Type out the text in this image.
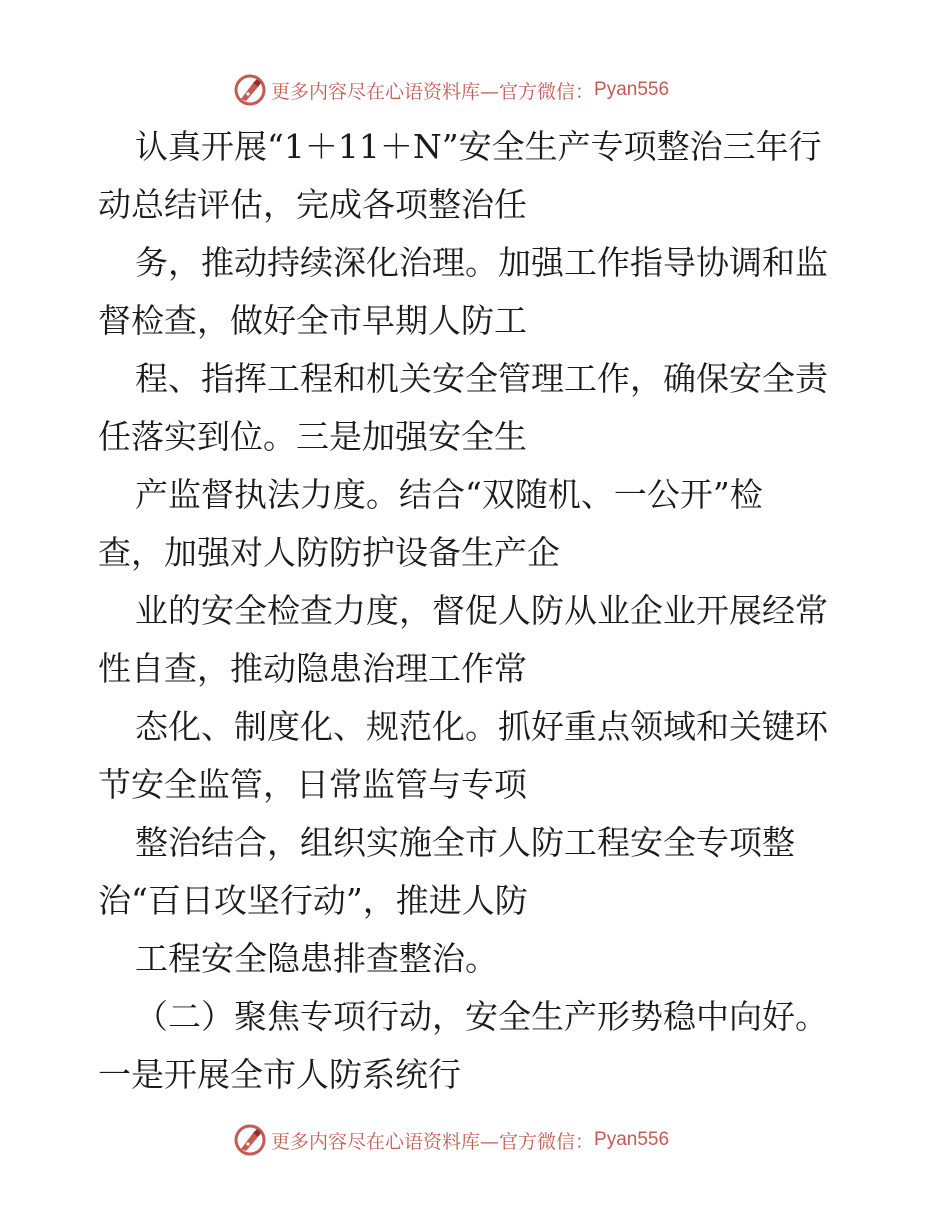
更多内容尽在心语资料库—官方微信： Pyan556

认真开展“1＋11＋N”安全生产专项整治三年行

动总结评估，完成各项整治任

务，推动持续深化治理。加强工作指导协调和监

督检查，做好全市早期人防工

程、指挥工程和机关安全管理工作，确保安全责

任落实到位。三是加强安全生

产监督执法力度。结合“双随机、一公开”检

查，加强对人防防护设备生产企

业的安全检查力度，督促人防从业企业开展经常

性自查，推动隐患治理工作常

态化、制度化、规范化。抓好重点领域和关键环

节安全监管，日常监管与专项

整治结合，组织实施全市人防工程安全专项整

治“百日攻坚行动”，推进人防

工程安全隐患排查整治。

（二）聚焦专项行动，安全生产形势稳中向好。

一是开展全市人防系统行

更多内容尽在心语资料库—官方微信： Pyan556
